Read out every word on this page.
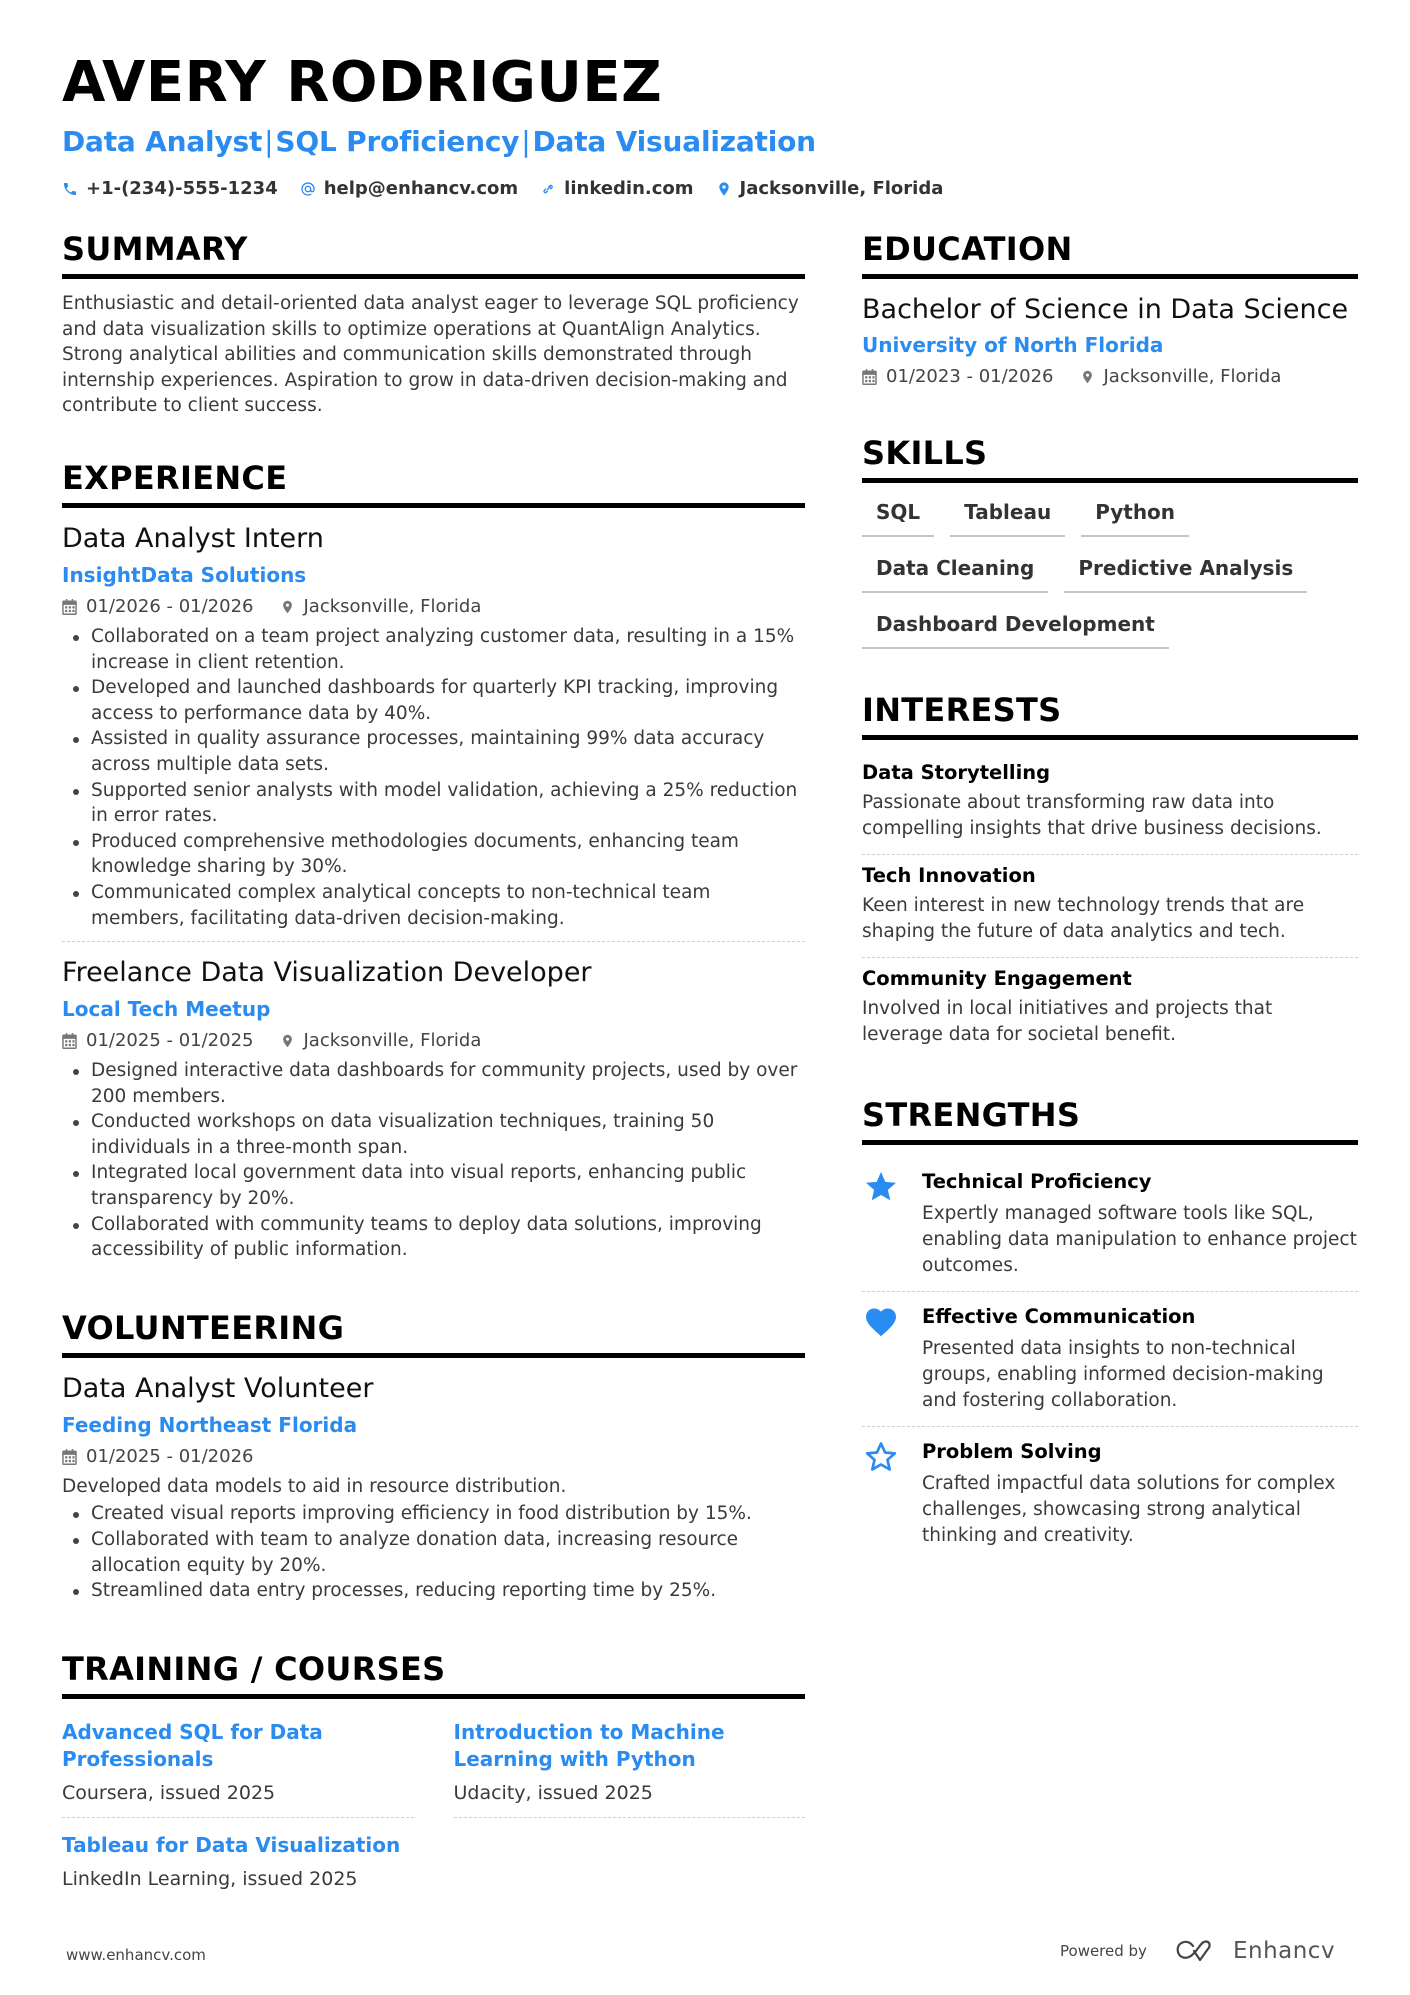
AVERY RODRIGUEZ
Data Analyst|SQL Proficiency|Data Visualization
+1-(234)-555-1234	help@enhancv.com	linkedin.com	Jacksonville, Florida
SUMMARY
Enthusiastic and detail-oriented data analyst eager to leverage SQL proficiency and data visualization skills to optimize operations at QuantAlign Analytics. Strong analytical abilities and communication skills demonstrated through internship experiences. Aspiration to grow in data-driven decision-making and contribute to client success.
EXPERIENCE
Data Analyst Intern
InsightData Solutions
01/2026 - 01/2026	Jacksonville, Florida
Collaborated on a team project analyzing customer data, resulting in a 15% increase in client retention.
Developed and launched dashboards for quarterly KPI tracking, improving access to performance data by 40%.
Assisted in quality assurance processes, maintaining 99% data accuracy across multiple data sets.
Supported senior analysts with model validation, achieving a 25% reduction in error rates.
Produced comprehensive methodologies documents, enhancing team knowledge sharing by 30%.
Communicated complex analytical concepts to non-technical team members, facilitating data-driven decision-making.
Freelance Data Visualization Developer
Local Tech Meetup
01/2025 - 01/2025	Jacksonville, Florida
Designed interactive data dashboards for community projects, used by over 200 members.
Conducted workshops on data visualization techniques, training 50 individuals in a three-month span.
Integrated local government data into visual reports, enhancing public transparency by 20%.
Collaborated with community teams to deploy data solutions, improving accessibility of public information.
VOLUNTEERING
Data Analyst Volunteer
Feeding Northeast Florida
01/2025 - 01/2026
Developed data models to aid in resource distribution.
Created visual reports improving efficiency in food distribution by 15%.
Collaborated with team to analyze donation data, increasing resource allocation equity by 20%.
Streamlined data entry processes, reducing reporting time by 25%.
TRAINING / COURSES
Advanced SQL for Data Professionals
Coursera, issued 2025
Introduction to Machine Learning with Python
Udacity, issued 2025
Tableau for Data Visualization
LinkedIn Learning, issued 2025
EDUCATION
Bachelor of Science in Data Science
University of North Florida
01/2023 - 01/2026	Jacksonville, Florida
SKILLS
SQL	Tableau	Python
Data Cleaning	Predictive Analysis
Dashboard Development
INTERESTS
Data Storytelling
Passionate about transforming raw data into compelling insights that drive business decisions.
Tech Innovation
Keen interest in new technology trends that are shaping the future of data analytics and tech.
Community Engagement
Involved in local initiatives and projects that leverage data for societal benefit.
STRENGTHS
Technical Proficiency
Expertly managed software tools like SQL, enabling data manipulation to enhance project outcomes.
Effective Communication
Presented data insights to non-technical groups, enabling informed decision-making and fostering collaboration.
Problem Solving
Crafted impactful data solutions for complex challenges, showcasing strong analytical thinking and creativity.
www.enhancv.com	Powered by	Enhancv
